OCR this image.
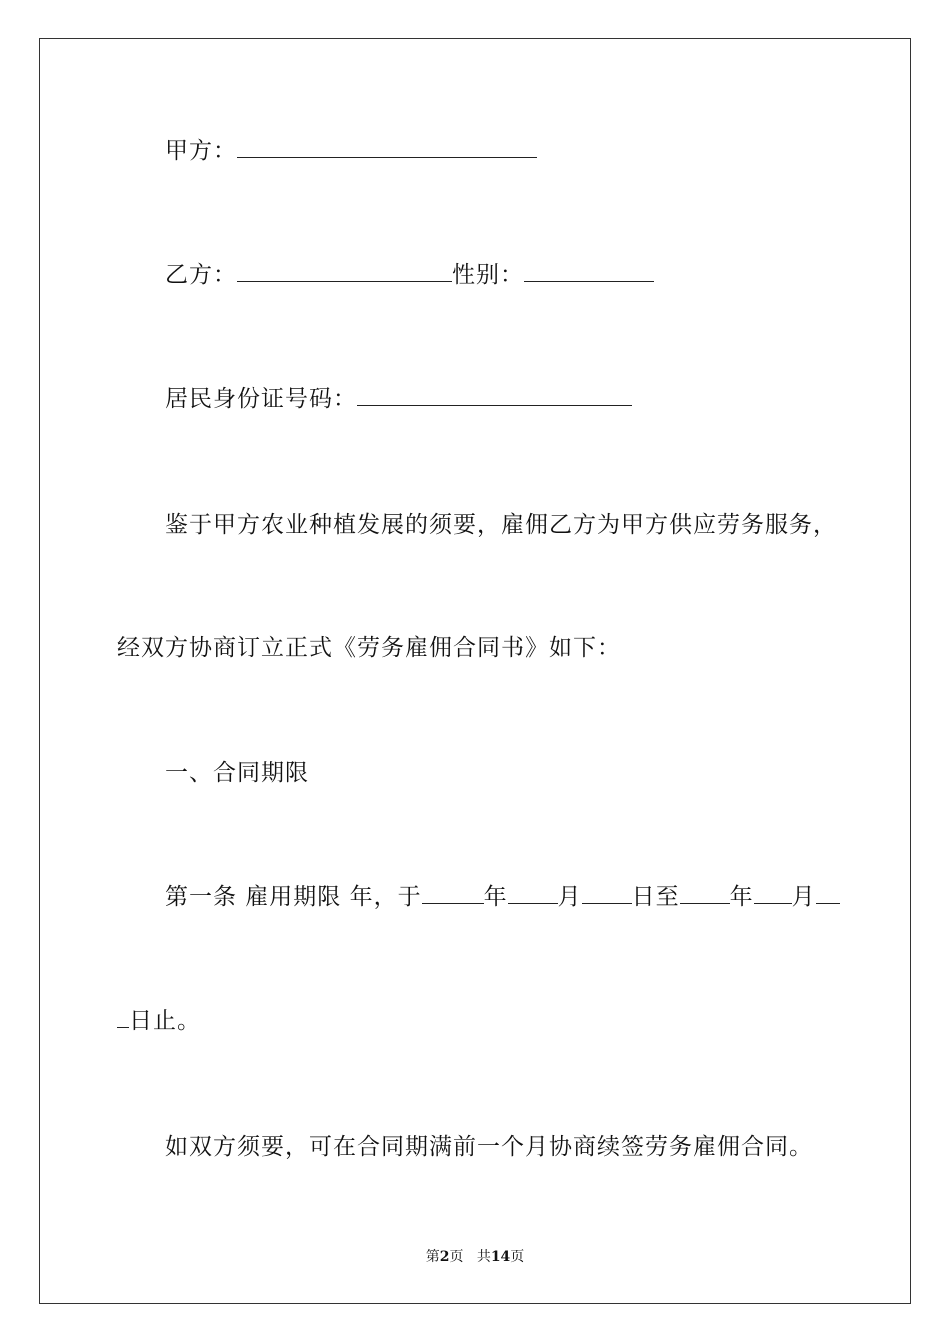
甲方：
乙方：	性别：
居民身份证号码：
鉴于甲方农业种植发展的须要，雇佣乙方为甲方供应劳务服务，
经双方协商订立正式《劳务雇佣合同书》如下：
一、合同期限
第一条 雇用期限 年，于	年 月 日至 年 月
日止。
如双方须要，可在合同期满前一个月协商续签劳务雇佣合同。
第2页 共14页
